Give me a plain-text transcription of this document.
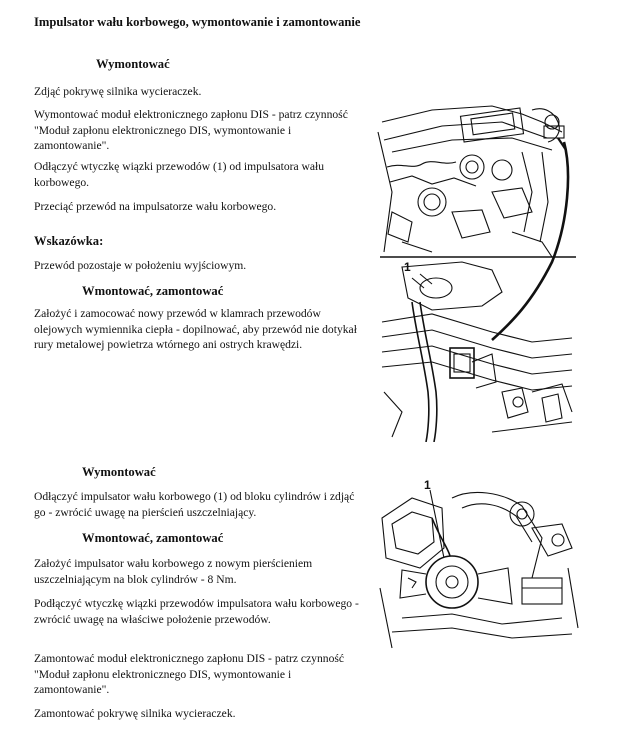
Impulsator wału korbowego, wymontowanie i zamontowanie
Wymontować
Zdjąć pokrywę silnika wycieraczek.
Wymontować moduł elektronicznego zapłonu DIS - patrz czynność "Moduł zapłonu elektronicznego DIS, wymontowanie i zamontowanie".
Odłączyć wtyczkę wiązki przewodów (1) od impulsatora wału korbowego.
Przeciąć przewód na impulsatorze wału korbowego.
Wskazówka:
Przewód pozostaje w położeniu wyjściowym.
Wmontować, zamontować
Założyć i zamocować nowy przewód w klamrach przewodów olejowych wymiennika ciepła - dopilnować, aby przewód nie dotykał rury metalowej powietrza wtórnego ani ostrych krawędzi.
Wymontować
Odłączyć impulsator wału korbowego (1) od bloku cylindrów i zdjąć go - zwrócić uwagę na pierścień uszczelniający.
Wmontować, zamontować
Założyć impulsator wału korbowego z nowym pierścieniem uszczelniającym na blok cylindrów - 8 Nm.
Podłączyć wtyczkę wiązki przewodów impulsatora wału korbowego - zwrócić uwagę na właściwe położenie przewodów.
Zamontować moduł elektronicznego zapłonu DIS - patrz czynność "Moduł zapłonu elektronicznego DIS, wymontowanie i zamontowanie".
Zamontować pokrywę silnika wycieraczek.
1
1
